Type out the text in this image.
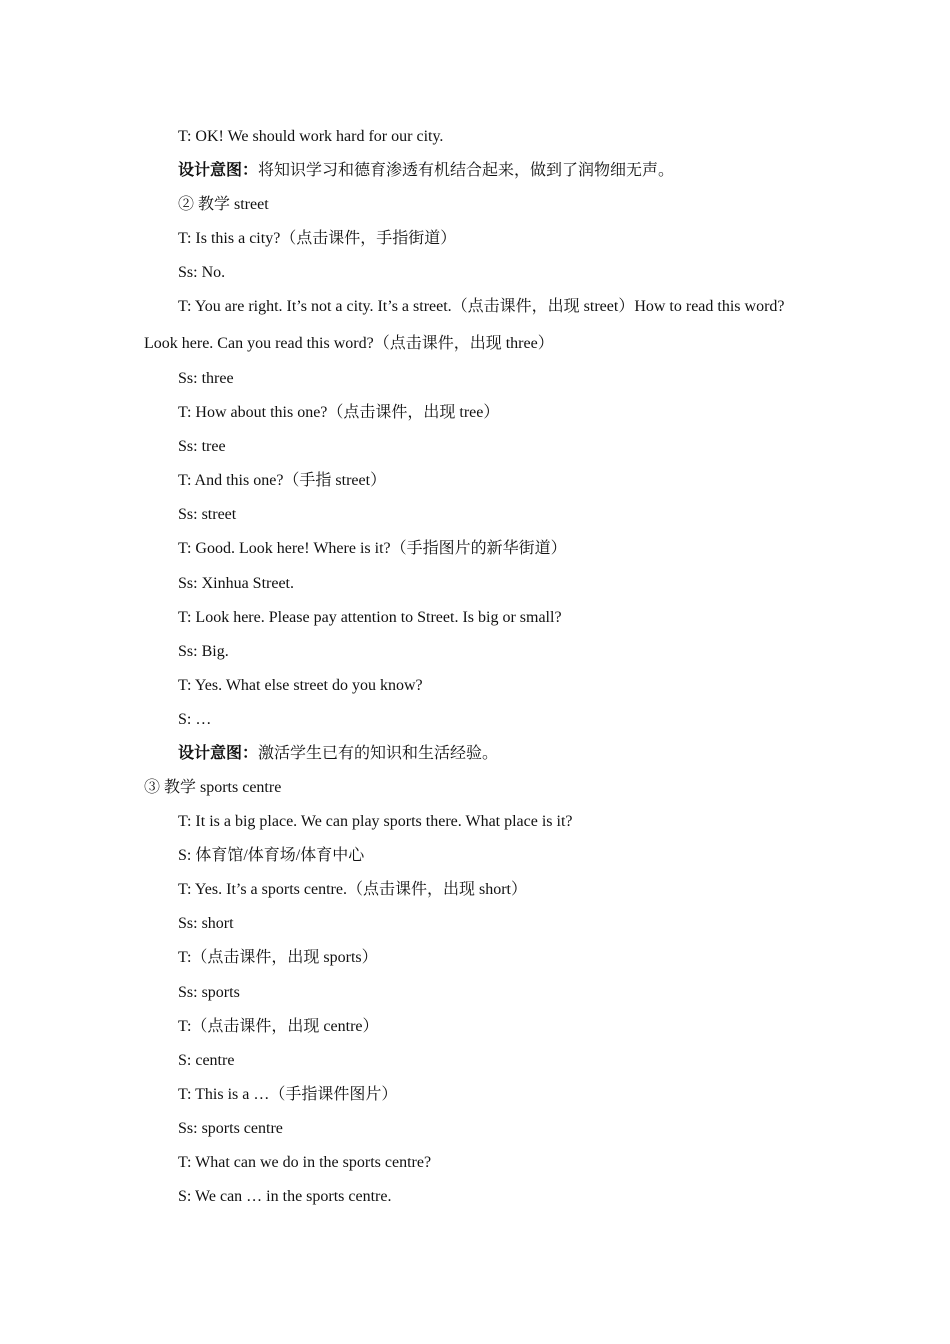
T: OK! We should work hard for our city.
设计意图：将知识学习和德育渗透有机结合起来，做到了润物细无声。
② 教学 street
T: Is this a city?（点击课件，手指街道）
Ss: No.
T: You are right. It’s not a city. It’s a street.（点击课件，出现 street）How to read this word?
Look here. Can you read this word?（点击课件，出现 three）
Ss: three
T: How about this one?（点击课件，出现 tree）
Ss: tree
T: And this one?（手指 street）
Ss: street
T: Good. Look here! Where is it?（手指图片的新华街道）
Ss: Xinhua Street.
T: Look here. Please pay attention to Street. Is big or small?
Ss: Big.
T: Yes. What else street do you know?
S: …
设计意图：激活学生已有的知识和生活经验。
③ 教学 sports centre
T: It is a big place. We can play sports there. What place is it?
S: 体育馆/体育场/体育中心
T: Yes. It’s a sports centre.（点击课件，出现 short）
Ss: short
T:（点击课件，出现 sports）
Ss: sports
T:（点击课件，出现 centre）
S: centre
T: This is a …（手指课件图片）
Ss: sports centre
T: What can we do in the sports centre?
S: We can … in the sports centre.
